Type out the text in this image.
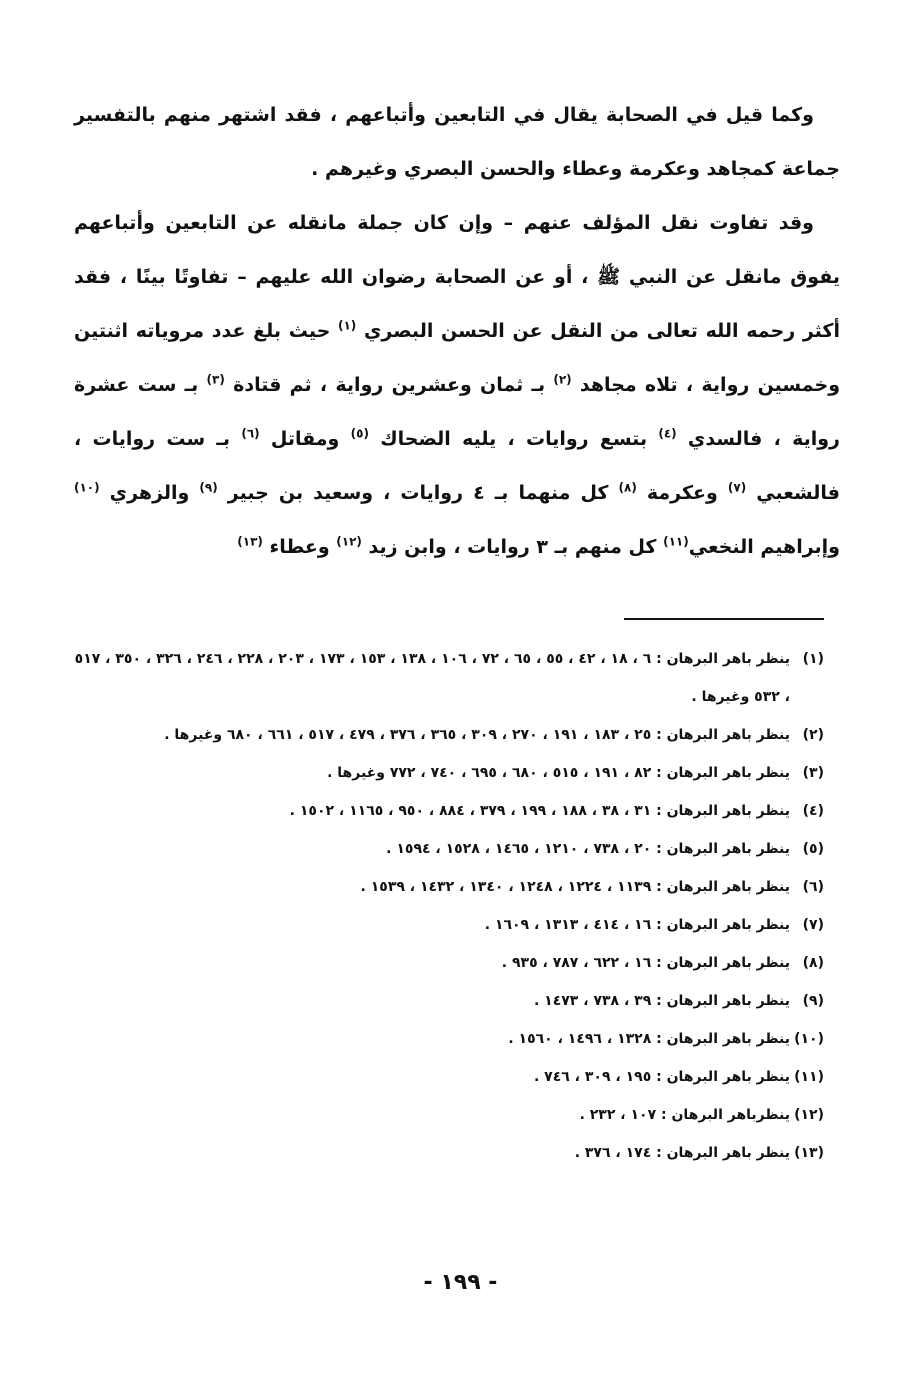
وكما قيل في الصحابة يقال في التابعين وأتباعهم ، فقد اشتهر منهم بالتفسير جماعة كمجاهد وعكرمة وعطاء والحسن البصري وغيرهم .

وقد تفاوت نقل المؤلف عنهم – وإن كان جملة مانقله عن التابعين وأتباعهم يفوق مانقل عن النبي ﷺ ، أو عن الصحابة رضوان الله عليهم – تفاوتًا بينًا ، فقد أكثر رحمه الله تعالى من النقل عن الحسن البصري $^{(١)}$ حيث بلغ عدد مروياته اثنتين وخمسين رواية ، تلاه مجاهد $^{(٢)}$ بـ ثمان وعشرين رواية ، ثم قتادة $^{(٣)}$ بـ ست عشرة رواية ، فالسدي $^{(٤)}$ بتسع روايات ، يليه الضحاك $^{(٥)}$ ومقاتل $^{(٦)}$ بـ ست روايات ، فالشعبي $^{(٧)}$ وعكرمة $^{(٨)}$ كل منهما بـ ٤ روايات ، وسعيد بن جبير $^{(٩)}$ والزهري $^{(١٠)}$ وإبراهيم النخعي$^{(١١)}$ كل منهم بـ ٣ روايات ، وابن زيد $^{(١٢)}$ وعطاء $^{(١٣)}$

(١)
ينظر باهر البرهان : ٦ ، ١٨ ، ٤٢ ، ٥٥ ، ٦٥ ، ٧٢ ، ١٠٦ ، ١٣٨ ، ١٥٣ ، ١٧٣ ، ٢٠٣ ، ٢٢٨ ، ٢٤٦ ، ٣٢٦ ، ٣٥٠ ، ٥١٧ ، ٥٣٢ وغيرها .
(٢)
ينظر باهر البرهان : ٢٥ ، ١٨٣ ، ١٩١ ، ٢٧٠ ، ٣٠٩ ، ٣٦٥ ، ٣٧٦ ، ٤٧٩ ، ٥١٧ ، ٦٦١ ، ٦٨٠ وغيرها .
(٣)
ينظر باهر البرهان : ٨٢ ، ١٩١ ، ٥١٥ ، ٦٨٠ ، ٦٩٥ ، ٧٤٠ ، ٧٧٢ وغيرها .
(٤)
ينظر باهر البرهان : ٣١ ، ٣٨ ، ١٨٨ ، ١٩٩ ، ٣٧٩ ، ٨٨٤ ، ٩٥٠ ، ١١٦٥ ، ١٥٠٢ .
(٥)
ينظر باهر البرهان : ٢٠ ، ٧٣٨ ، ١٢١٠ ، ١٤٦٥ ، ١٥٢٨ ، ١٥٩٤ .
(٦)
ينظر باهر البرهان : ١١٣٩ ، ١٢٢٤ ، ١٢٤٨ ، ١٣٤٠ ، ١٤٣٢ ، ١٥٣٩ .
(٧)
ينظر باهر البرهان : ١٦ ، ٤١٤ ، ١٣١٣ ، ١٦٠٩ .
(٨)
ينظر باهر البرهان : ١٦ ، ٦٢٢ ، ٧٨٧ ، ٩٣٥ .
(٩)
ينظر باهر البرهان : ٣٩ ، ٧٣٨ ، ١٤٧٣ .
(١٠)
ينظر باهر البرهان : ١٣٢٨ ، ١٤٩٦ ، ١٥٦٠ .
(١١)
ينظر باهر البرهان : ١٩٥ ، ٣٠٩ ، ٧٤٦ .
(١٢)
ينظرباهر البرهان : ١٠٧ ، ٢٣٢ .
(١٣)
ينظر باهر البرهان : ١٧٤ ، ٣٧٦ .
- ١٩٩ -
